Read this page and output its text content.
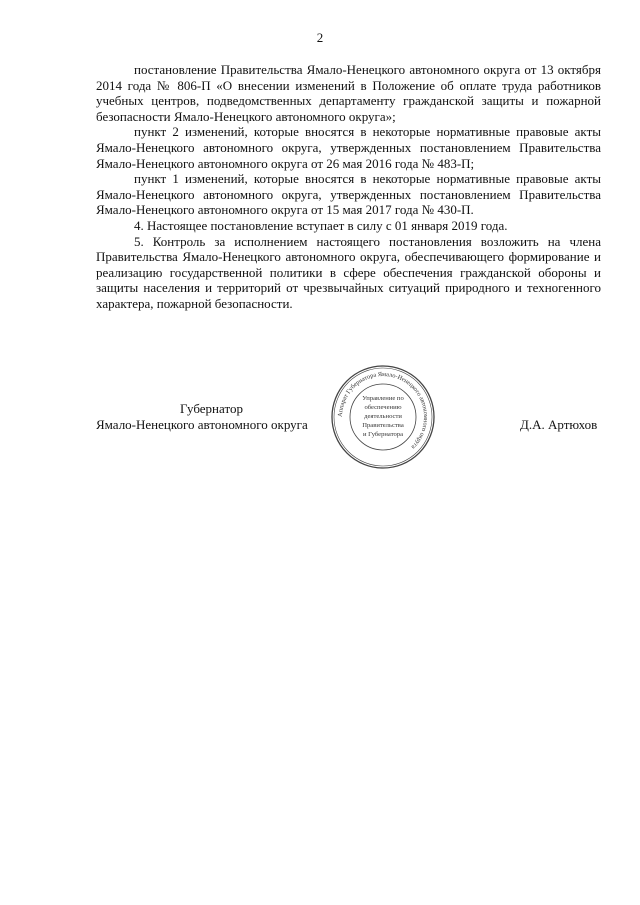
2

постановление Правительства Ямало-Ненецкого автономного округа от 13 октября 2014 года № 806-П «О внесении изменений в Положение об оплате труда работников учебных центров, подведомственных департаменту гражданской защиты и пожарной безопасности Ямало-Ненецкого автономного округа»;

пункт 2 изменений, которые вносятся в некоторые нормативные правовые акты Ямало-Ненецкого автономного округа, утвержденных постановлением Правительства Ямало-Ненецкого автономного округа от 26 мая 2016 года № 483-П;

пункт 1 изменений, которые вносятся в некоторые нормативные правовые акты Ямало-Ненецкого автономного округа, утвержденных постановлением Правительства Ямало-Ненецкого автономного округа от 15 мая 2017 года № 430-П.

4. Настоящее постановление вступает в силу с 01 января 2019 года.

5. Контроль за исполнением настоящего постановления возложить на члена Правительства Ямало-Ненецкого автономного округа, обеспечивающего формирование и реализацию государственной политики в сфере обеспечения гражданской обороны и защиты населения и территорий от чрезвычайных ситуаций природного и техногенного характера, пожарной безопасности.

Губернатор
Ямало-Ненецкого автономного округа	Д.А. Артюхов
Аппарат Губернатора Ямало-Ненецкого автономного округа
Управление по
обеспечению
деятельности
Правительства
и Губернатора
